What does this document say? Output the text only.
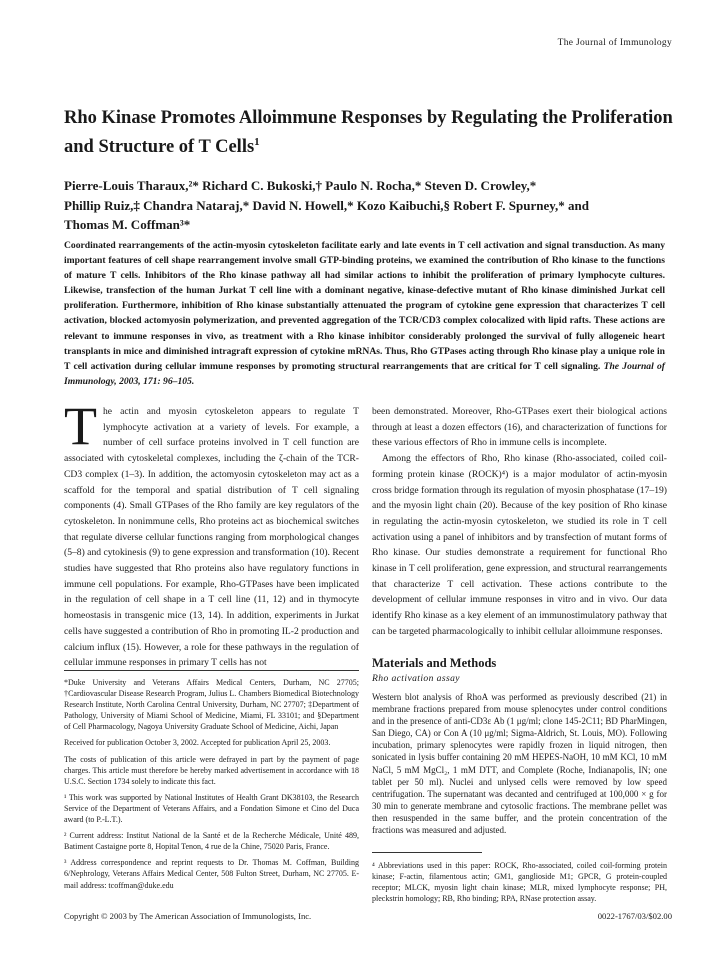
The Journal of Immunology
Rho Kinase Promotes Alloimmune Responses by Regulating the Proliferation and Structure of T Cells$^1$
Pierre-Louis Tharaux,²* Richard C. Bukoski,† Paulo N. Rocha,* Steven D. Crowley,*
Phillip Ruiz,‡ Chandra Nataraj,* David N. Howell,* Kozo Kaibuchi,§ Robert F. Spurney,* and
Thomas M. Coffman³*
Coordinated rearrangements of the actin-myosin cytoskeleton facilitate early and late events in T cell activation and signal transduction. As many important features of cell shape rearrangement involve small GTP-binding proteins, we examined the contribution of Rho kinase to the functions of mature T cells. Inhibitors of the Rho kinase pathway all had similar actions to inhibit the proliferation of primary lymphocyte cultures. Likewise, transfection of the human Jurkat T cell line with a dominant negative, kinase-defective mutant of Rho kinase diminished Jurkat cell proliferation. Furthermore, inhibition of Rho kinase substantially attenuated the program of cytokine gene expression that characterizes T cell activation, blocked actomyosin polymerization, and prevented aggregation of the TCR/CD3 complex colocalized with lipid rafts. These actions are relevant to immune responses in vivo, as treatment with a Rho kinase inhibitor considerably prolonged the survival of fully allogeneic heart transplants in mice and diminished intragraft expression of cytokine mRNAs. Thus, Rho GTPases acting through Rho kinase play a unique role in T cell activation during cellular immune responses by promoting structural rearrangements that are critical for T cell signaling. The Journal of Immunology, 2003, 171: 96–105.
T he actin and myosin cytoskeleton appears to regulate T lymphocyte activation at a variety of levels. For example, a number of cell surface proteins involved in T cell function are associated with cytoskeletal complexes, including the ζ-chain of the TCR-CD3 complex (1–3). In addition, the actomyosin cytoskeleton may act as a scaffold for the temporal and spatial distribution of T cell signaling components (4). Small GTPases of the Rho family are key regulators of the cytoskeleton. In nonimmune cells, Rho proteins act as biochemical switches that regulate diverse cellular functions ranging from morphological changes (5–8) and cytokinesis (9) to gene expression and transformation (10). Recent studies have suggested that Rho proteins also have regulatory functions in immune cell populations. For example, Rho-GTPases have been implicated in the regulation of cell shape in a T cell line (11, 12) and in thymocyte homeostasis in transgenic mice (13, 14). In addition, experiments in Jurkat cells have suggested a contribution of Rho in promoting IL-2 production and calcium influx (15). However, a role for these pathways in the regulation of cellular immune responses in primary T cells has not

been demonstrated. Moreover, Rho-GTPases exert their biological actions through at least a dozen effectors (16), and characterization of functions for these various effectors of Rho in immune cells is incomplete.

Among the effectors of Rho, Rho kinase (Rho-associated, coiled coil-forming protein kinase (ROCK)⁴) is a major modulator of actin-myosin cross bridge formation through its regulation of myosin phosphatase (17–19) and the myosin light chain (20). Because of the key position of Rho kinase in regulating the actin-myosin cytoskeleton, we studied its role in T cell activation using a panel of inhibitors and by transfection of mutant forms of Rho kinase. Our studies demonstrate a requirement for functional Rho kinase in T cell proliferation, gene expression, and structural rearrangements that characterize T cell activation. These actions contribute to the development of cellular immune responses in vitro and in vivo. Our data identify Rho kinase as a key element of an immunostimulatory pathway that can be targeted pharmacologically to inhibit cellular alloimmune responses.

*Duke University and Veterans Affairs Medical Centers, Durham, NC 27705; †Cardiovascular Disease Research Program, Julius L. Chambers Biomedical Biotechnology Research Institute, North Carolina Central University, Durham, NC 27707; ‡Department of Pathology, University of Miami School of Medicine, Miami, FL 33101; and §Department of Cell Pharmacology, Nagoya University Graduate School of Medicine, Aichi, Japan

Received for publication October 3, 2002. Accepted for publication April 25, 2003.

The costs of publication of this article were defrayed in part by the payment of page charges. This article must therefore be hereby marked advertisement in accordance with 18 U.S.C. Section 1734 solely to indicate this fact.

¹ This work was supported by National Institutes of Health Grant DK38103, the Research Service of the Department of Veterans Affairs, and a Fondation Simone et Cino del Duca award (to P.-L.T.).

² Current address: Institut National de la Santé et de la Recherche Médicale, Unité 489, Batiment Castaigne porte 8, Hopital Tenon, 4 rue de la Chine, 75020 Paris, France.

³ Address correspondence and reprint requests to Dr. Thomas M. Coffman, Building 6/Nephrology, Veterans Affairs Medical Center, 508 Fulton Street, Durham, NC 27705. E-mail address: tcoffman@duke.edu

Materials and Methods
Rho activation assay
Western blot analysis of RhoA was performed as previously described (21) in membrane fractions prepared from mouse splenocytes under control conditions and in the presence of anti-CD3ε Ab (1 μg/ml; clone 145-2C11; BD PharMingen, San Diego, CA) or Con A (10 μg/ml; Sigma-Aldrich, St. Louis, MO). Following incubation, primary splenocytes were rapidly frozen in liquid nitrogen, then sonicated in lysis buffer containing 20 mM HEPES-NaOH, 10 mM KCl, 10 mM NaCl, 5 mM MgCl₂, 1 mM DTT, and Complete (Roche, Indianapolis, IN; one tablet per 50 ml). Nuclei and unlysed cells were removed by low speed centrifugation. The supernatant was decanted and centrifuged at 100,000 × g for 30 min to generate membrane and cytosolic fractions. The membrane pellet was then resuspended in the same buffer, and the protein concentration of the fractions was measured and adjusted.
⁴ Abbreviations used in this paper: ROCK, Rho-associated, coiled coil-forming protein kinase; F-actin, filamentous actin; GM1, ganglioside M1; GPCR, G protein-coupled receptor; MLCK, myosin light chain kinase; MLR, mixed lymphocyte response; PH, pleckstrin homology; RB, Rho binding; RPA, RNase protection assay.
Copyright © 2003 by The American Association of Immunologists, Inc.	0022-1767/03/$02.00
